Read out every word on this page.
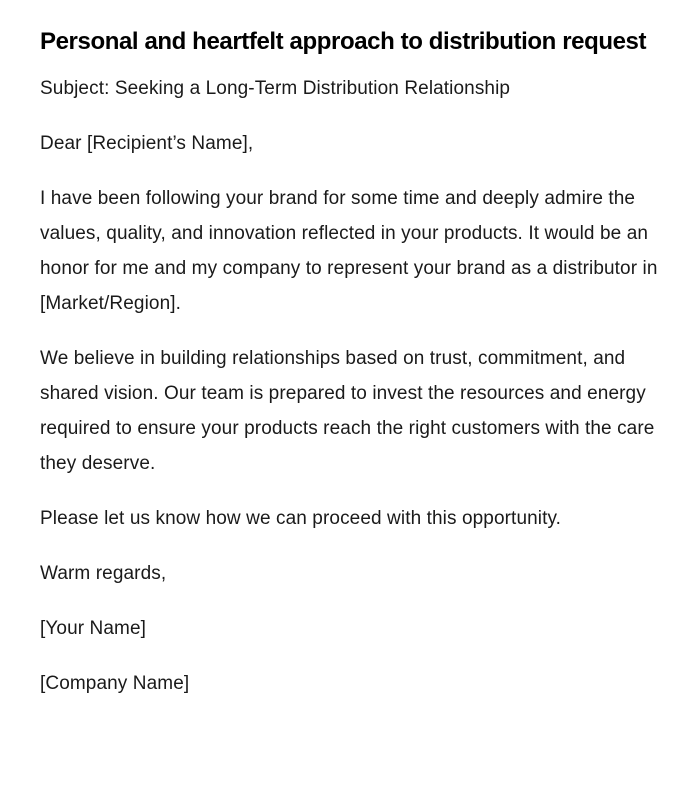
Personal and heartfelt approach to distribution request

Subject: Seeking a Long-Term Distribution Relationship

Dear [Recipient’s Name],

I have been following your brand for some time and deeply admire the values, quality, and innovation reflected in your products. It would be an honor for me and my company to represent your brand as a distributor in [Market/Region].

We believe in building relationships based on trust, commitment, and shared vision. Our team is prepared to invest the resources and energy required to ensure your products reach the right customers with the care they deserve.

Please let us know how we can proceed with this opportunity.

Warm regards,

[Your Name]

[Company Name]
